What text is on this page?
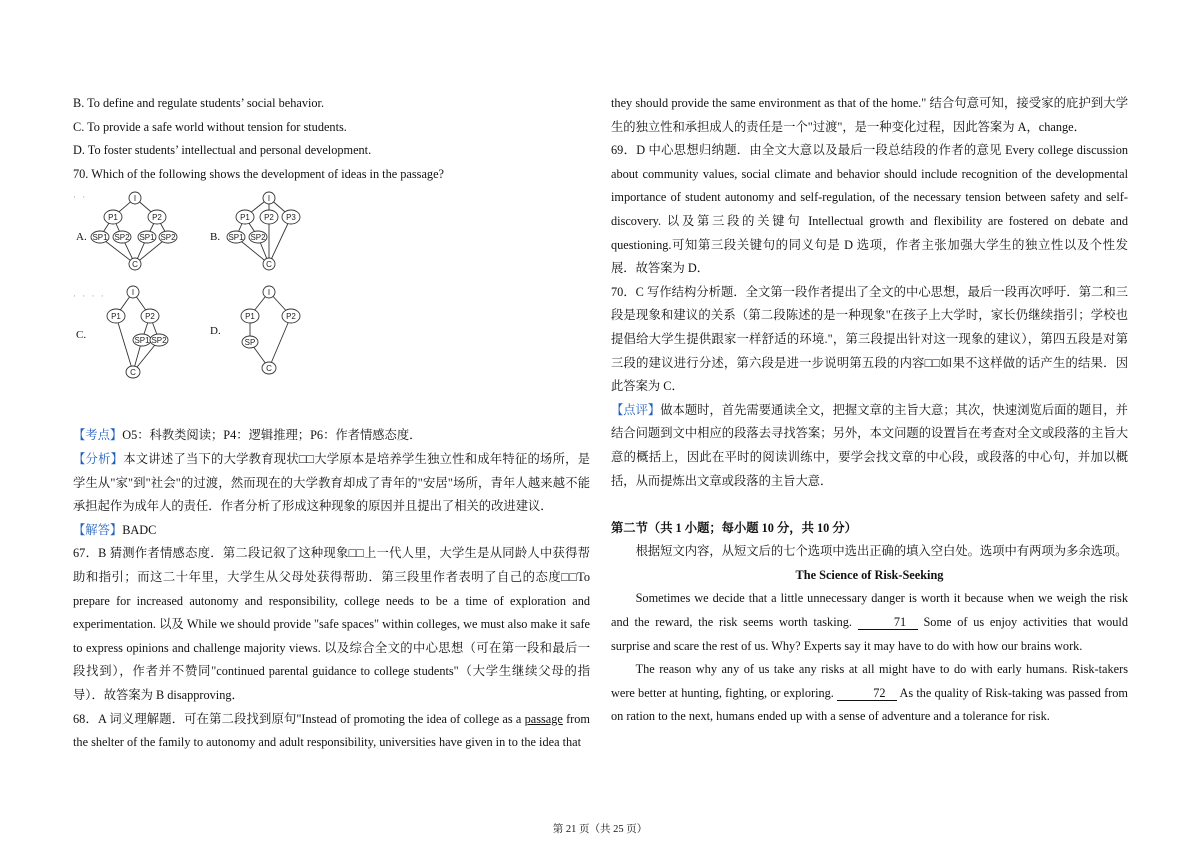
B. To define and regulate students’ social behavior.

C. To provide a safe world without tension for students.

D. To foster students’ intellectual and personal development.

70. Which of the following shows the development of ideas in the passage?

· ·
A.
I
P1	P2
SP1 SP2 SP1 SP2
C
B.
I
P1 P2 P3
SP1 SP2
C
· · · ·
C.
I
P1	P2
SP1 SP2
C
D.
I
P1	P2
SP
C

【考点】O5：科教类阅读；P4：逻辑推理；P6：作者情感态度．

【分析】本文讲述了当下的大学教育现状□□大学原本是培养学生独立性和成年特征的场所，是学生从"家"到"社会"的过渡，然而现在的大学教育却成了青年的"安居"场所，青年人越来越不能承担起作为成年人的责任．作者分析了形成这种现象的原因并且提出了相关的改进建议．

【解答】BADC

67．B 猜测作者情感态度．第二段记叙了这种现象□□上一代人里，大学生是从同龄人中获得帮助和指引；而这二十年里，大学生从父母处获得帮助．第三段里作者表明了自己的态度□□To prepare for increased autonomy and responsibility, college needs to be a time of exploration and experimentation. 以及 While we should provide "safe spaces" within colleges, we must also make it safe to express opinions and challenge majority views. 以及综合全文的中心思想（可在第一段和最后一段找到），作者并不赞同"continued parental guidance to college students"（大学生继续父母的指导）．故答案为 B disapproving．

68．A 词义理解题．可在第二段找到原句"Instead of promoting the idea of college as a passage from the shelter of the family to autonomy and adult responsibility, universities have given in to the idea that

they should provide the same environment as that of the home." 结合句意可知，接受家的庇护到大学生的独立性和承担成人的责任是一个"过渡"，是一种变化过程，因此答案为 A，change．

69．D 中心思想归纳题．由全文大意以及最后一段总结段的作者的意见 Every college discussion about community values, social climate and behavior should include recognition of the developmental importance of student autonomy and self-regulation, of the necessary tension between safety and self-discovery. 以及第三段的关键句 Intellectual growth and flexibility are fostered on debate and questioning.可知第三段关键句的同义句是 D 选项，作者主张加强大学生的独立性以及个性发展．故答案为 D．

70．C 写作结构分析题．全文第一段作者提出了全文的中心思想，最后一段再次呼吁．第二和三段是现象和建议的关系（第二段陈述的是一种现象"在孩子上大学时，家长仍继续指引；学校也提倡给大学生提供跟家一样舒适的环境."，第三段提出针对这一现象的建议），第四五段是对第三段的建议进行分述，第六段是进一步说明第五段的内容□□如果不这样做的话产生的结果．因此答案为 C．

【点评】做本题时，首先需要通读全文，把握文章的主旨大意；其次，快速浏览后面的题目，并结合问题到文中相应的段落去寻找答案；另外，本文问题的设置旨在考查对全文或段落的主旨大意的概括上，因此在平时的阅读训练中，要学会找文章的中心段，或段落的中心句，并加以概括，从而提炼出文章或段落的主旨大意．

第二节（共 1 小题；每小题 10 分，共 10 分）

根据短文内容，从短文后的七个选项中选出正确的填入空白处。选项中有两项为多余选项。

The Science of Risk-Seeking

Sometimes we decide that a little unnecessary danger is worth it because when we weigh the risk and the reward, the risk seems worth tasking.	71 Some of us enjoy activities that would surprise and scare the rest of us. Why? Experts say it may have to do with how our brains work.

The reason why any of us take any risks at all might have to do with early humans. Risk-takers were better at hunting, fighting, or exploring.	72 As the quality of Risk-taking was passed from on ration to the next, humans ended up with a sense of adventure and a tolerance for risk.

第 21 页（共 25 页）
